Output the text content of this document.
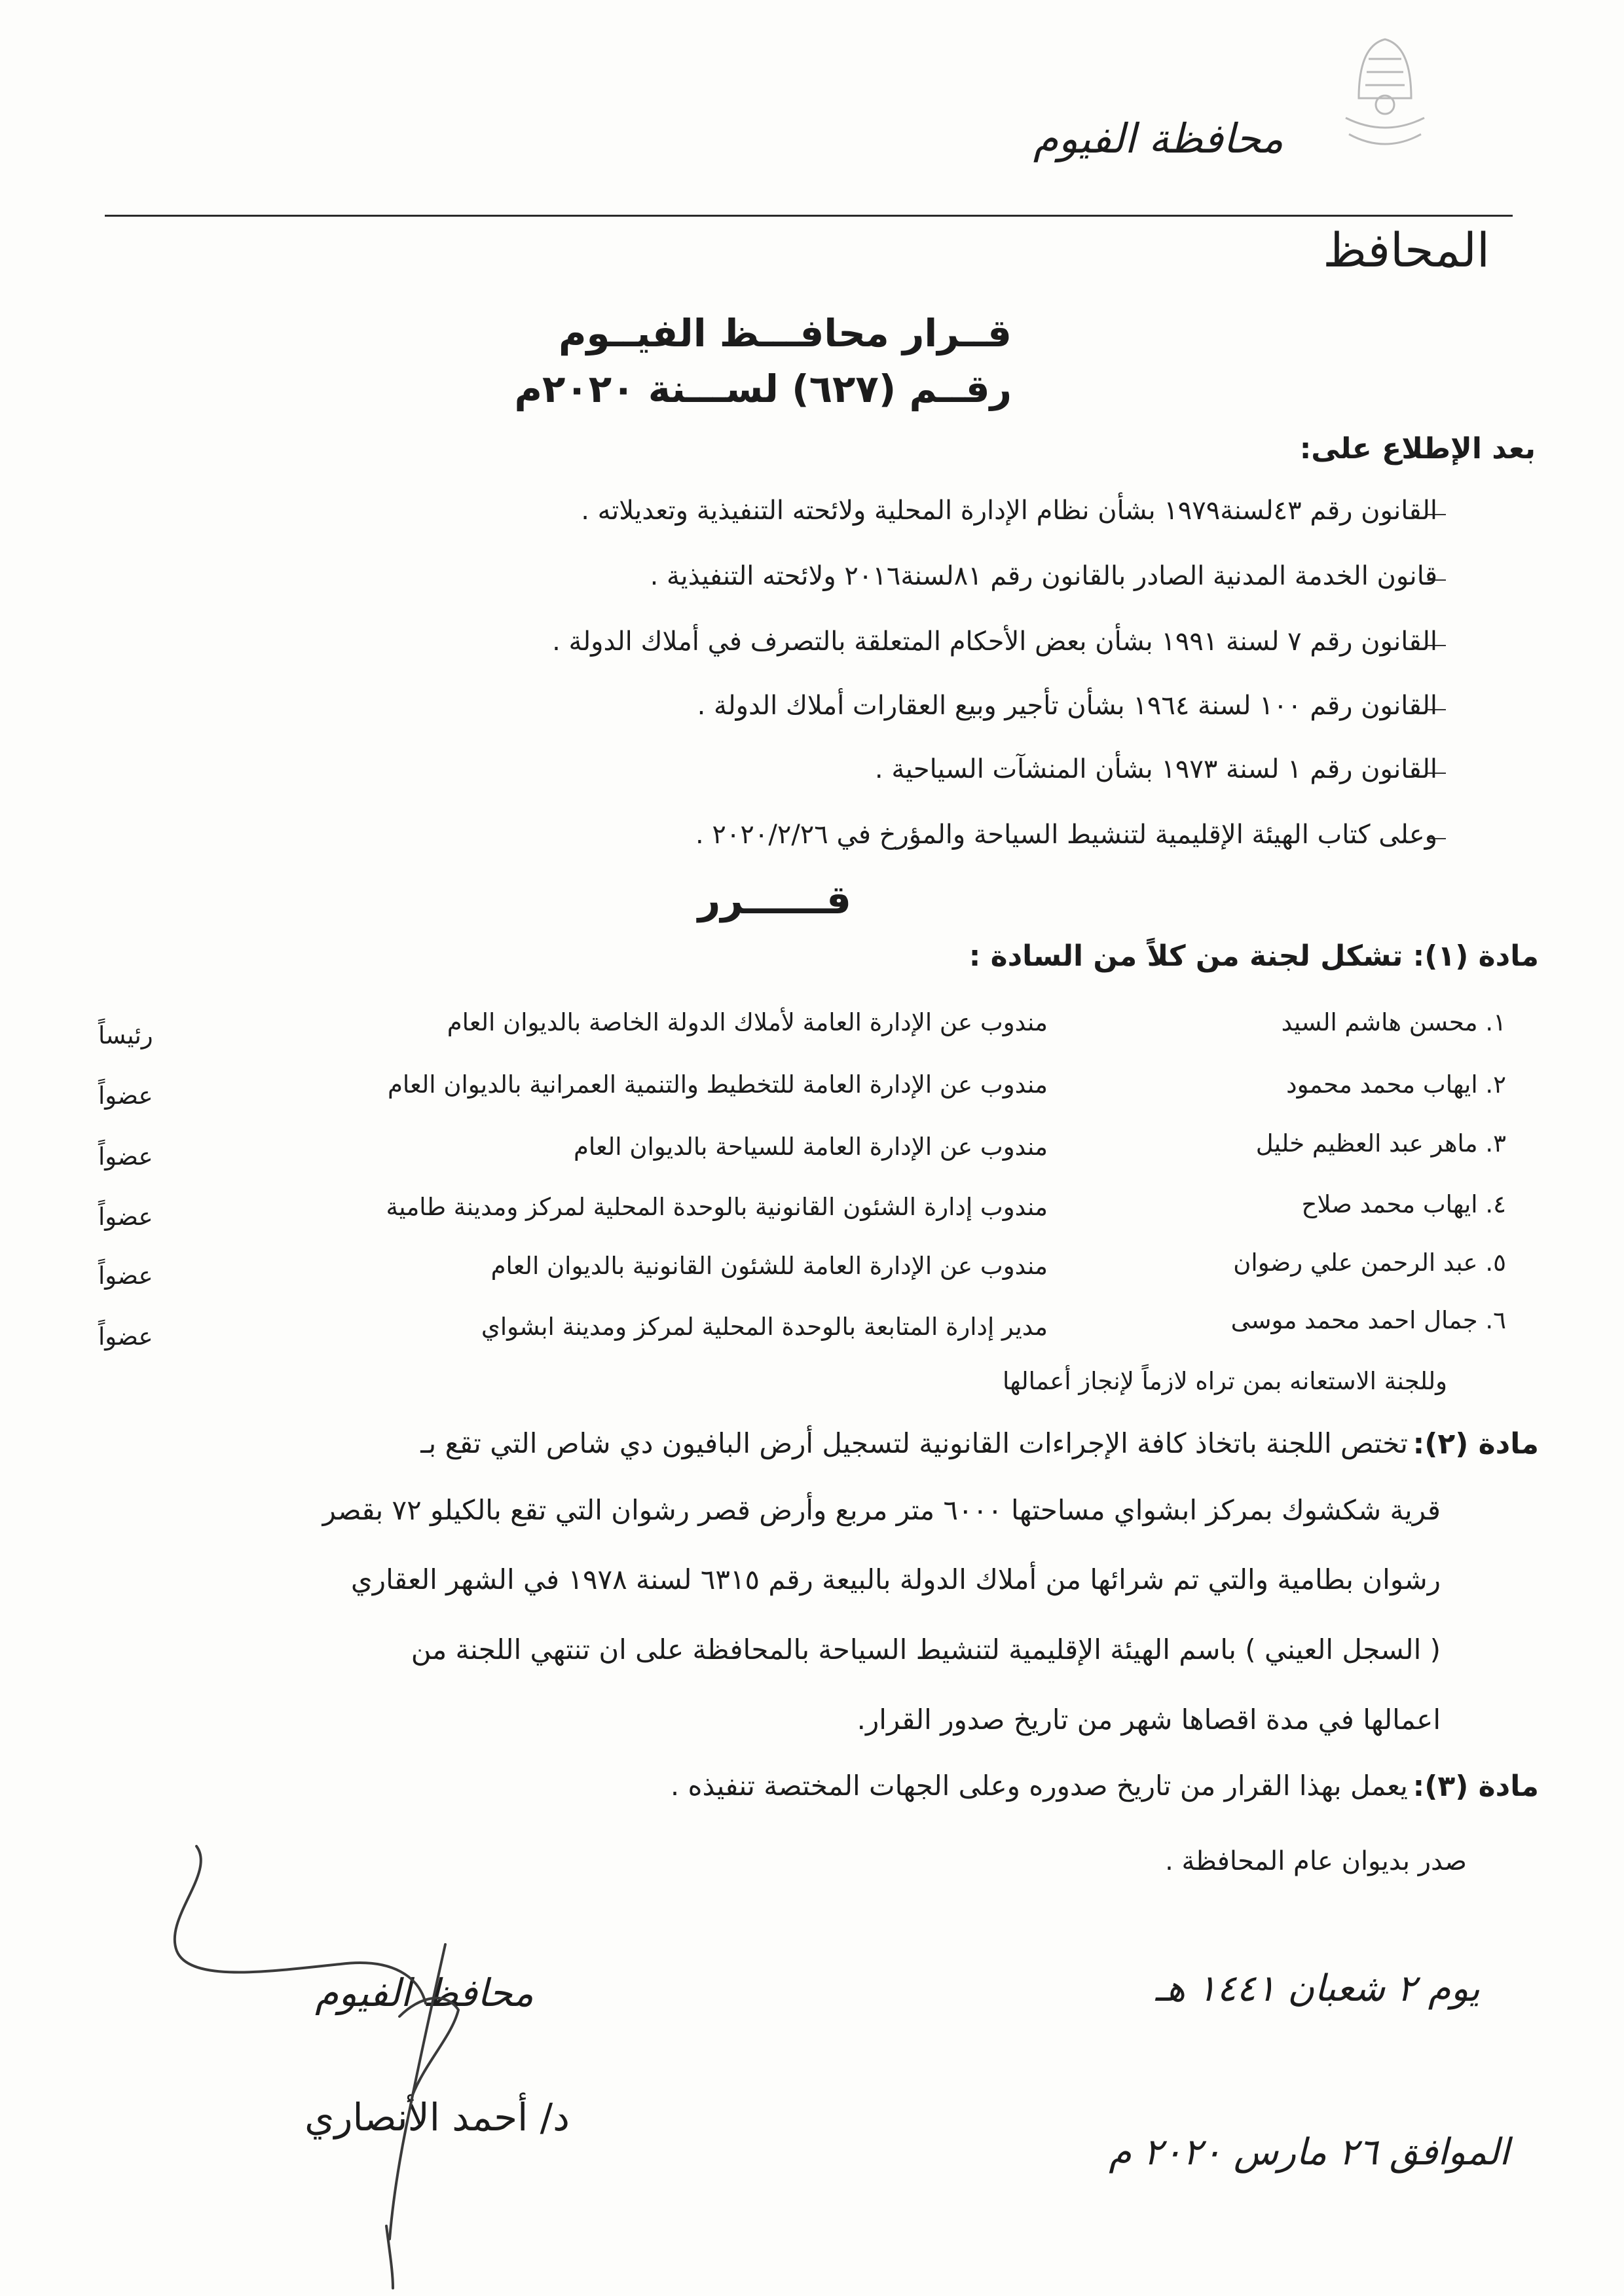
محافظة الفيوم
المحافظ
قــرار محافـــظ الفيــوم
رقــم (٦٢٧) لســـنة ٢٠٢٠م
بعد الإطلاع على:
القانون رقم ٤٣لسنة١٩٧٩ بشأن نظام الإدارة المحلية ولائحته التنفيذية وتعديلاته .
قانون الخدمة المدنية الصادر بالقانون رقم ٨١لسنة٢٠١٦ ولائحته التنفيذية .
القانون رقم ٧ لسنة ١٩٩١ بشأن بعض الأحكام المتعلقة بالتصرف في أملاك الدولة .
القانون رقم ١٠٠ لسنة ١٩٦٤ بشأن تأجير وبيع العقارات أملاك الدولة .
القانون رقم ١ لسنة ١٩٧٣ بشأن المنشآت السياحية .
وعلى كتاب الهيئة الإقليمية لتنشيط السياحة والمؤرخ في ٢٠٢٠/٢/٢٦ .
قــــــرر
مادة (١): تشكل لجنة من كلاً من السادة :
١. محسن هاشم السيد
مندوب عن الإدارة العامة لأملاك الدولة الخاصة بالديوان العام
رئيساً
٢. ايهاب محمد محمود
مندوب عن الإدارة العامة للتخطيط والتنمية العمرانية بالديوان العام
عضواً
٣. ماهر عبد العظيم خليل
مندوب عن الإدارة العامة للسياحة بالديوان العام
عضواً
٤. ايهاب محمد صلاح
مندوب إدارة الشئون القانونية بالوحدة المحلية لمركز ومدينة طامية
عضواً
٥. عبد الرحمن علي رضوان
مندوب عن الإدارة العامة للشئون القانونية بالديوان العام
عضواً
٦. جمال احمد محمد موسى
مدير إدارة المتابعة بالوحدة المحلية لمركز ومدينة ابشواي
عضواً
وللجنة الاستعانه بمن تراه لازماً لإنجاز أعمالها
مادة (٢):
تختص اللجنة باتخاذ كافة الإجراءات القانونية لتسجيل أرض البافيون دي شاص التي تقع بـ
قرية شكشوك بمركز ابشواي مساحتها ٦٠٠٠ متر مربع وأرض قصر رشوان التي تقع بالكيلو ٧٢ بقصر
رشوان بطامية والتي تم شرائها من أملاك الدولة بالبيعة رقم ٦٣١٥ لسنة ١٩٧٨ في الشهر العقاري
( السجل العيني ) باسم الهيئة الإقليمية لتنشيط السياحة بالمحافظة على ان تنتهي اللجنة من
اعمالها في مدة اقصاها شهر من تاريخ صدور القرار.
مادة (٣):
يعمل بهذا القرار من تاريخ صدوره وعلى الجهات المختصة تنفيذه .
صدر بديوان عام المحافظة .
يوم ٢ شعبان ١٤٤١ هـ
الموافق ٢٦ مارس ٢٠٢٠ م
محافظ الفيوم
د/ أحمد الأنصاري
